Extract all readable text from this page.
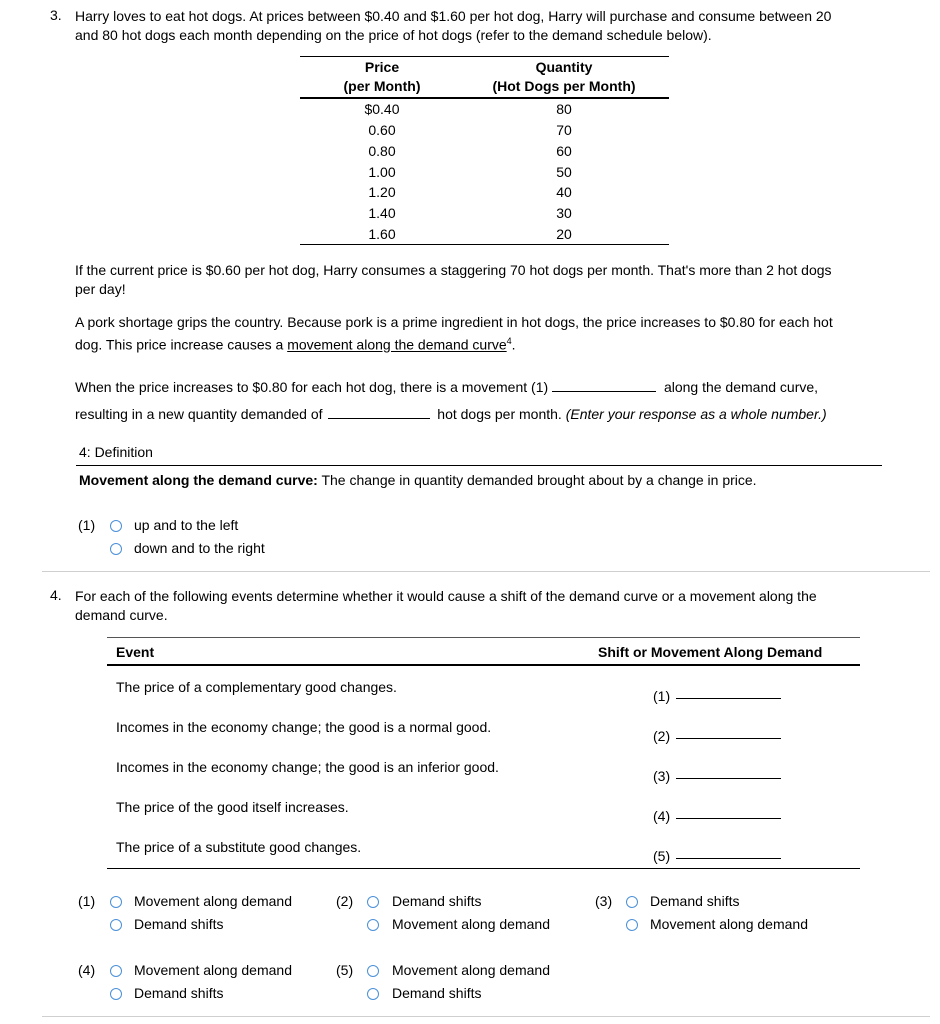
3. Harry loves to eat hot dogs. At prices between $0.40 and $1.60 per hot dog, Harry will purchase and consume between 20
and 80 hot dogs each month depending on the price of hot dogs (refer to the demand schedule below).
Price
(per Month)
Quantity
(Hot Dogs per Month)
$0.40	80
0.60	70
0.80	60
1.00	50
1.20	40
1.40	30
1.60	20
If the current price is $0.60 per hot dog, Harry consumes a staggering 70 hot dogs per month. That's more than 2 hot dogs
per day!
A pork shortage grips the country. Because pork is a prime ingredient in hot dogs, the price increases to $0.80 for each hot
dog. This price increase causes a movement along the demand curve$^4$.
When the price increases to $0.80 for each hot dog, there is a movement (1)	along the demand curve,
resulting in a new quantity demanded of	hot dogs per month. (Enter your response as a whole number.)
4: Definition
Movement along the demand curve: The change in quantity demanded brought about by a change in price.
(1)	up and to the left
down and to the right
4. For each of the following events determine whether it would cause a shift of the demand curve or a movement along the
demand curve.
Event	Shift or Movement Along Demand
The price of a complementary good changes.
(1)
Incomes in the economy change; the good is a normal good.
(2)
Incomes in the economy change; the good is an inferior good.
(3)
The price of the good itself increases.
(4)
The price of a substitute good changes.
(5)
(1)	Movement along demand
Demand shifts
(2)	Demand shifts
Movement along demand
(3)	Demand shifts
Movement along demand
(4)	Movement along demand
Demand shifts
(5)	Movement along demand
Demand shifts
